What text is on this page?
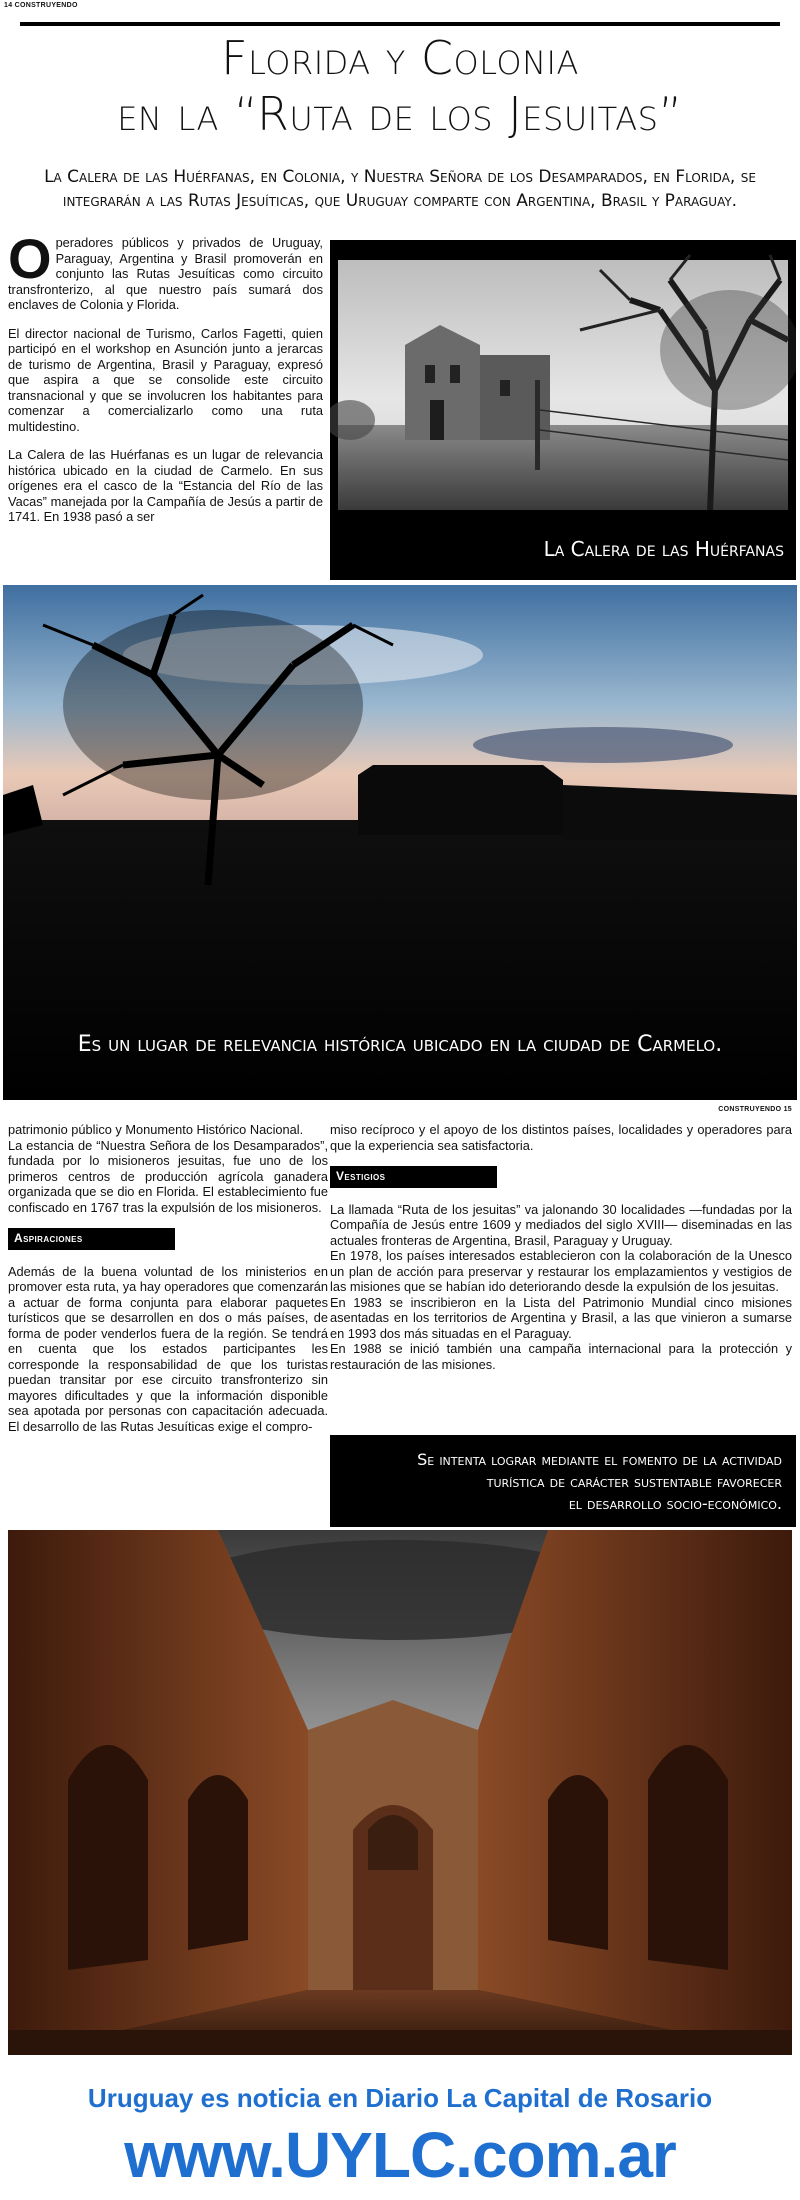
14 CONSTRUYENDO
Florida y Colonia
en la “Ruta de los Jesuitas”
La Calera de las Huérfanas, en Colonia, y Nuestra Señora de los Desamparados, en Florida, se integrarán a las Rutas Jesuíticas, que Uruguay comparte con Argentina, Brasil y Paraguay.

Operadores públicos y privados de Uruguay, Paraguay, Argentina y Brasil promoverán en conjunto las Rutas Jesuíticas como circuito transfronterizo, al que nuestro país sumará dos enclaves de Colonia y Florida.

El director nacional de Turismo, Carlos Fagetti, quien participó en el workshop en Asunción junto a jerarcas de turismo de Argentina, Brasil y Paraguay, expresó que aspira a que se consolide este circuito transnacional y que se involucren los habitantes para comenzar a comercializarlo como una ruta multidestino.

La Calera de las Huérfanas es un lugar de relevancia histórica ubicado en la ciudad de Carmelo. En sus orígenes era el casco de la “Estancia del Río de las Vacas” manejada por la Campañía de Jesús a partir de 1741. En 1938 pasó a ser

La Calera de las Huérfanas
Es un lugar de relevancia histórica ubicado en la ciudad de Carmelo.
CONSTRUYENDO 15

patrimonio público y Monumento Histórico Nacional.

La estancia de “Nuestra Señora de los Desamparados”, fundada por lo misioneros jesuitas, fue uno de los primeros centros de producción agrícola ganadera organizada que se dio en Florida. El establecimiento fue confiscado en 1767 tras la expulsión de los misioneros.

Aspiraciones

Además de la buena voluntad de los ministerios en promover esta ruta, ya hay operadores que comenzarán a actuar de forma conjunta para elaborar paquetes turísticos que se desarrollen en dos o más países, de forma de poder venderlos fuera de la región. Se tendrá en cuenta que los estados participantes les corresponde la responsabilidad de que los turistas puedan transitar por ese circuito transfronterizo sin mayores dificultades y que la información disponible sea apotada por personas con capacitación adecuada. El desarrollo de las Rutas Jesuíticas exige el compro-

miso recíproco y el apoyo de los distintos países, localidades y operadores para que la experiencia sea satisfactoria.

Vestigios

La llamada “Ruta de los jesuitas” va jalonando 30 localidades —fundadas por la Compañía de Jesús entre 1609 y mediados del siglo XVIII— diseminadas en las actuales fronteras de Argentina, Brasil, Paraguay y Uruguay.

En 1978, los países interesados establecieron con la colaboración de la Unesco un plan de acción para preservar y restaurar los emplazamientos y vestigios de las misiones que se habían ido deteriorando desde la expulsión de los jesuitas.

En 1983 se inscribieron en la Lista del Patrimonio Mundial cinco misiones asentadas en los territorios de Argentina y Brasil, a las que vinieron a sumarse en 1993 dos más situadas en el Paraguay.

En 1988 se inició también una campaña internacional para la protección y restauración de las misiones.

Se intenta lograr mediante el fomento de la actividad
turística de carácter sustentable favorecer
el desarrollo socio-económico.
Uruguay es noticia en Diario La Capital de Rosario
www.UYLC.com.ar
